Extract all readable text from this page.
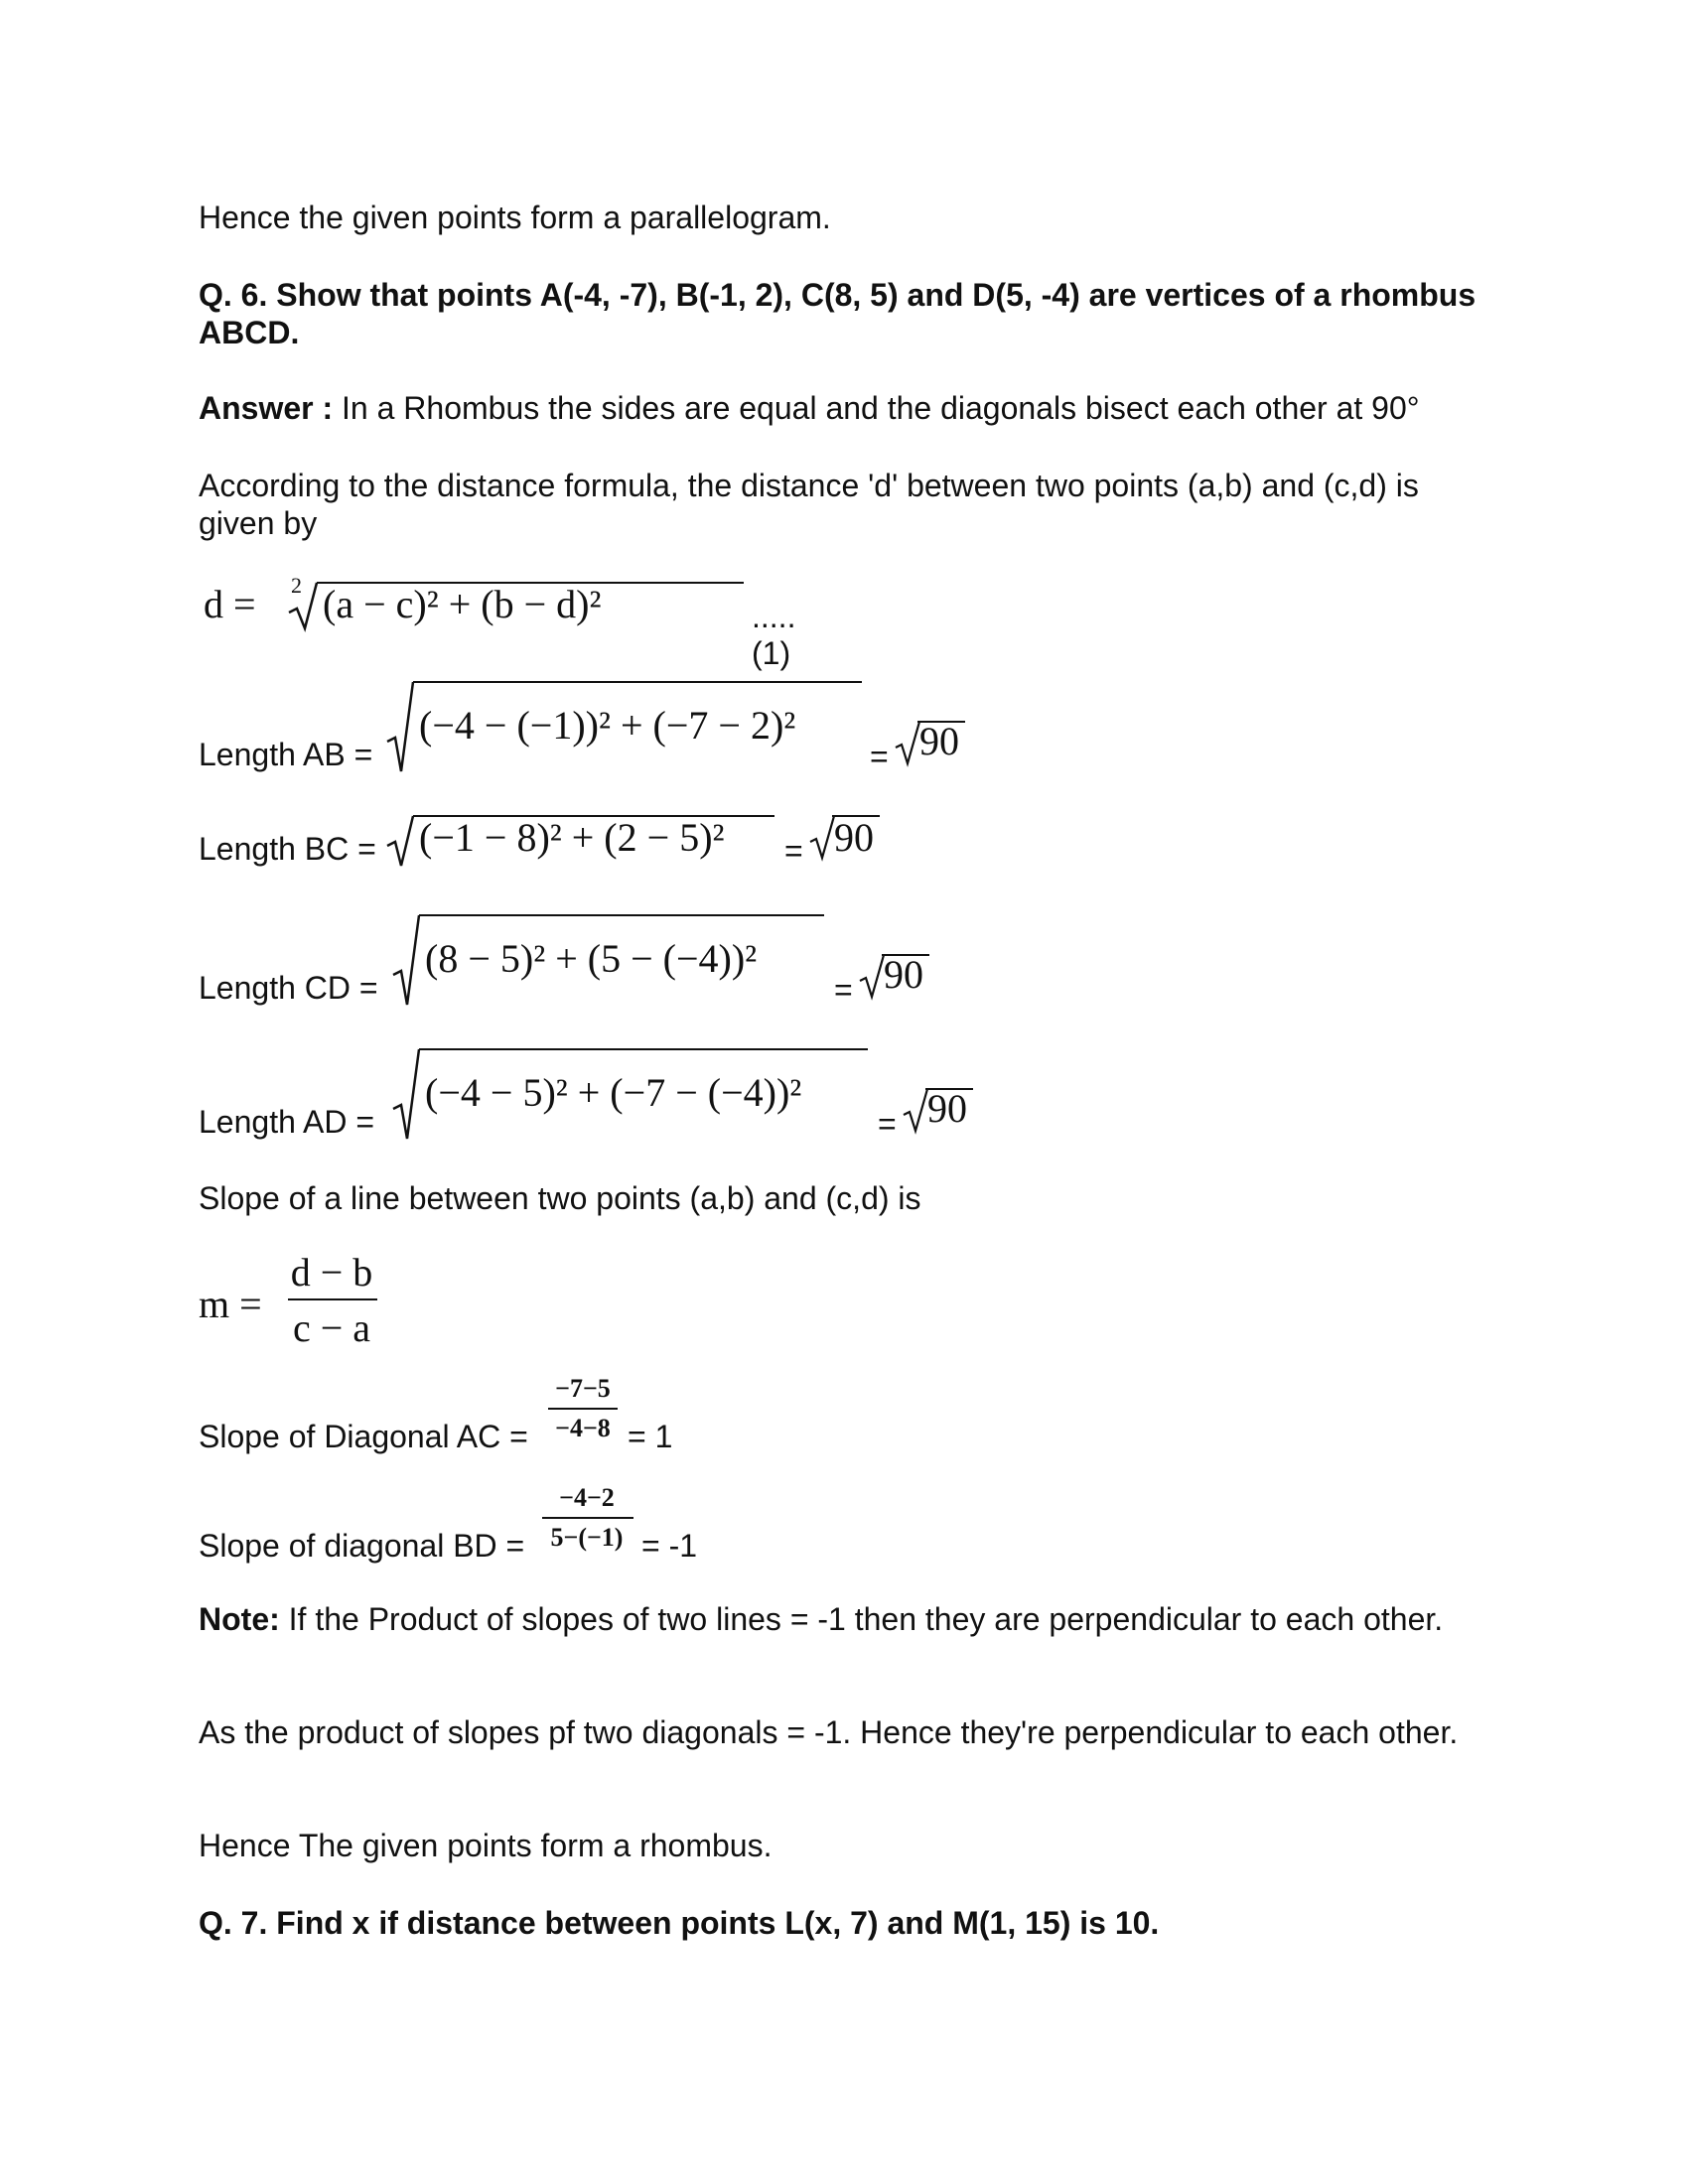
Hence the given points form a parallelogram.

Q. 6. Show that points A(-4, -7), B(-1, 2), C(8, 5) and D(5, -4) are vertices of a rhombus ABCD.

Answer : In a Rhombus the sides are equal and the diagonals bisect each other at 90°

According to the distance formula, the distance 'd' between two points (a,b) and (c,d) is given by

d = 2 (a − c)² + (b − d)²	.....(1)
Length AB =
(−4 − (−1))² + (−7 − 2)²
= 90
Length BC = (−1 − 8)² + (2 − 5)² = 90
Length CD =
(8 − 5)² + (5 − (−4))²
= 90
Length AD =
(−4 − 5)² + (−7 − (−4))²
= 90

Slope of a line between two points (a,b) and (c,d) is

m =
d − b
c − a
Slope of Diagonal AC =
−7−5
−4−8 = 1
Slope of diagonal BD =
−4−2
5−(−1) = -1

Note: If the Product of slopes of two lines = -1 then they are perpendicular to each other.

As the product of slopes pf two diagonals = -1. Hence they're perpendicular to each other.

Hence The given points form a rhombus.

Q. 7. Find x if distance between points L(x, 7) and M(1, 15) is 10.
